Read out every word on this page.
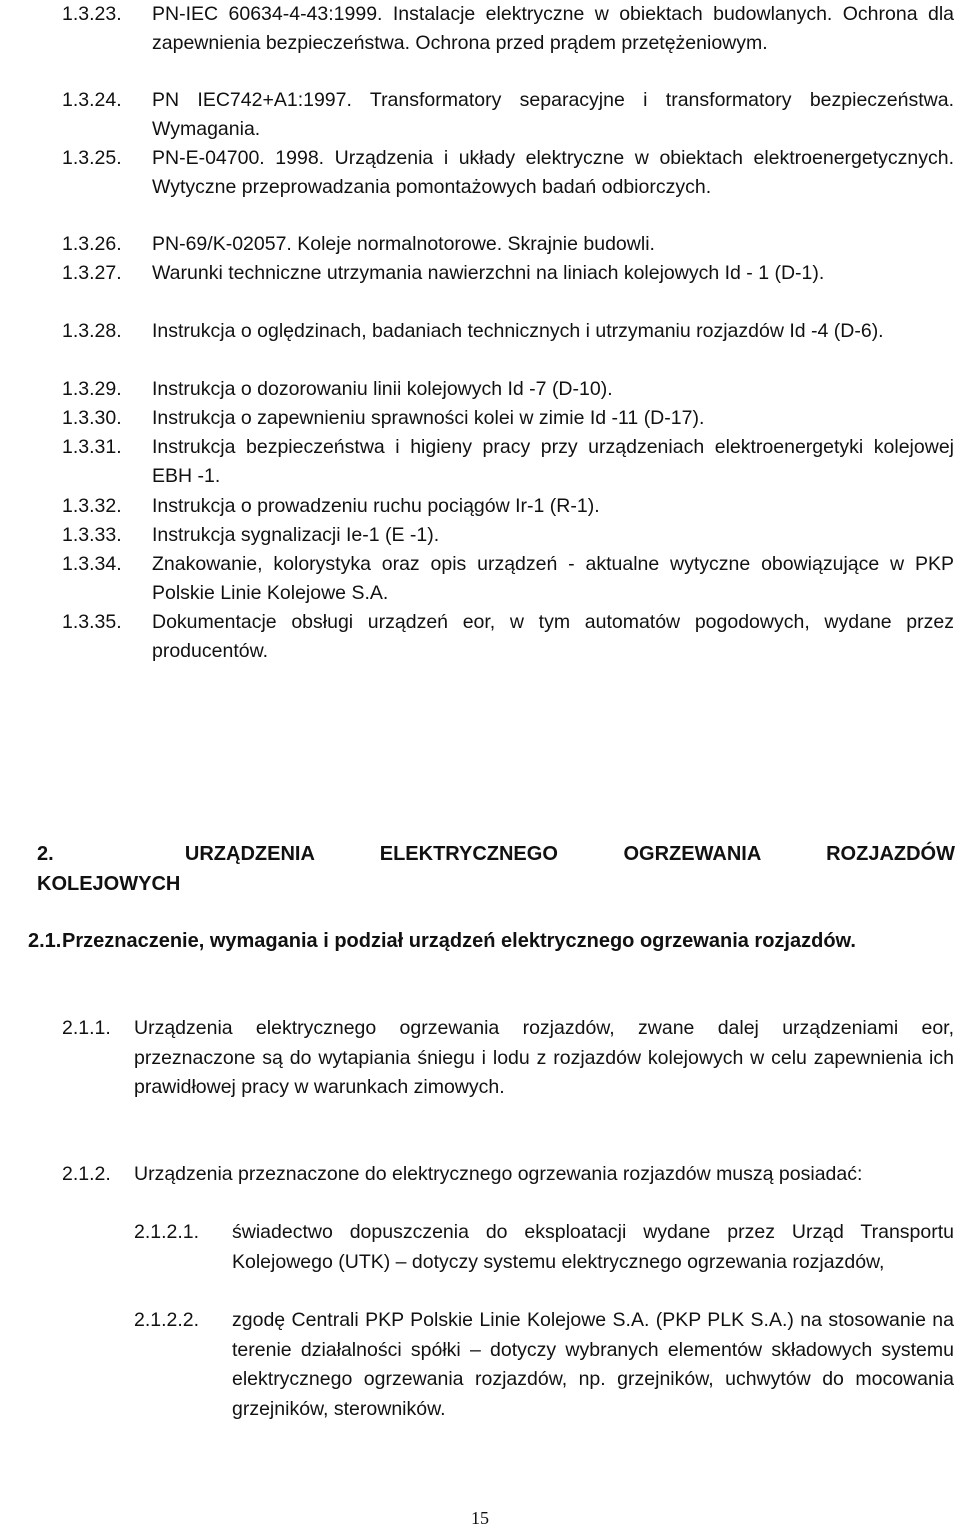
1.3.23. PN-IEC 60634-4-43:1999. Instalacje elektryczne w obiektach budowlanych. Ochrona dla zapewnienia bezpieczeństwa. Ochrona przed prądem przetężeniowym.
1.3.24. PN IEC742+A1:1997. Transformatory separacyjne i transformatory bezpieczeństwa. Wymagania.
1.3.25. PN-E-04700. 1998. Urządzenia i układy elektryczne w obiektach elektroenergetycznych. Wytyczne przeprowadzania pomontażowych badań odbiorczych.
1.3.26. PN-69/K-02057. Koleje normalnotorowe. Skrajnie budowli.
1.3.27. Warunki techniczne utrzymania nawierzchni na liniach kolejowych Id - 1 (D-1).
1.3.28. Instrukcja o oględzinach, badaniach technicznych i utrzymaniu rozjazdów Id -4 (D-6).
1.3.29. Instrukcja o dozorowaniu linii kolejowych Id -7 (D-10).
1.3.30. Instrukcja o zapewnieniu sprawności kolei w zimie Id -11 (D-17).
1.3.31. Instrukcja bezpieczeństwa i higieny pracy przy urządzeniach elektroenergetyki kolejowej EBH -1.
1.3.32. Instrukcja o prowadzeniu ruchu pociągów Ir-1 (R-1).
1.3.33. Instrukcja sygnalizacji Ie-1 (E -1).
1.3.34. Znakowanie, kolorystyka oraz opis urządzeń - aktualne wytyczne obowiązujące w PKP Polskie Linie Kolejowe S.A.
1.3.35. Dokumentacje obsługi urządzeń eor, w tym automatów pogodowych, wydane przez producentów.
2.	URZĄDZENIA ELEKTRYCZNEGO OGRZEWANIA ROZJAZDÓW
KOLEJOWYCH
2.1. Przeznaczenie, wymagania i podział urządzeń elektrycznego ogrzewania rozjazdów.
2.1.1. Urządzenia elektrycznego ogrzewania rozjazdów, zwane dalej urządzeniami eor, przeznaczone są do wytapiania śniegu i lodu z rozjazdów kolejowych w celu zapewnienia ich prawidłowej pracy w warunkach zimowych.
2.1.2. Urządzenia przeznaczone do elektrycznego ogrzewania rozjazdów muszą posiadać:
2.1.2.1. świadectwo dopuszczenia do eksploatacji wydane przez Urząd Transportu Kolejowego (UTK) – dotyczy systemu elektrycznego ogrzewania rozjazdów,
2.1.2.2. zgodę Centrali PKP Polskie Linie Kolejowe S.A. (PKP PLK S.A.) na stosowanie na terenie działalności spółki – dotyczy wybranych elementów składowych systemu elektrycznego ogrzewania rozjazdów, np. grzejników, uchwytów do mocowania grzejników, sterowników.
15
